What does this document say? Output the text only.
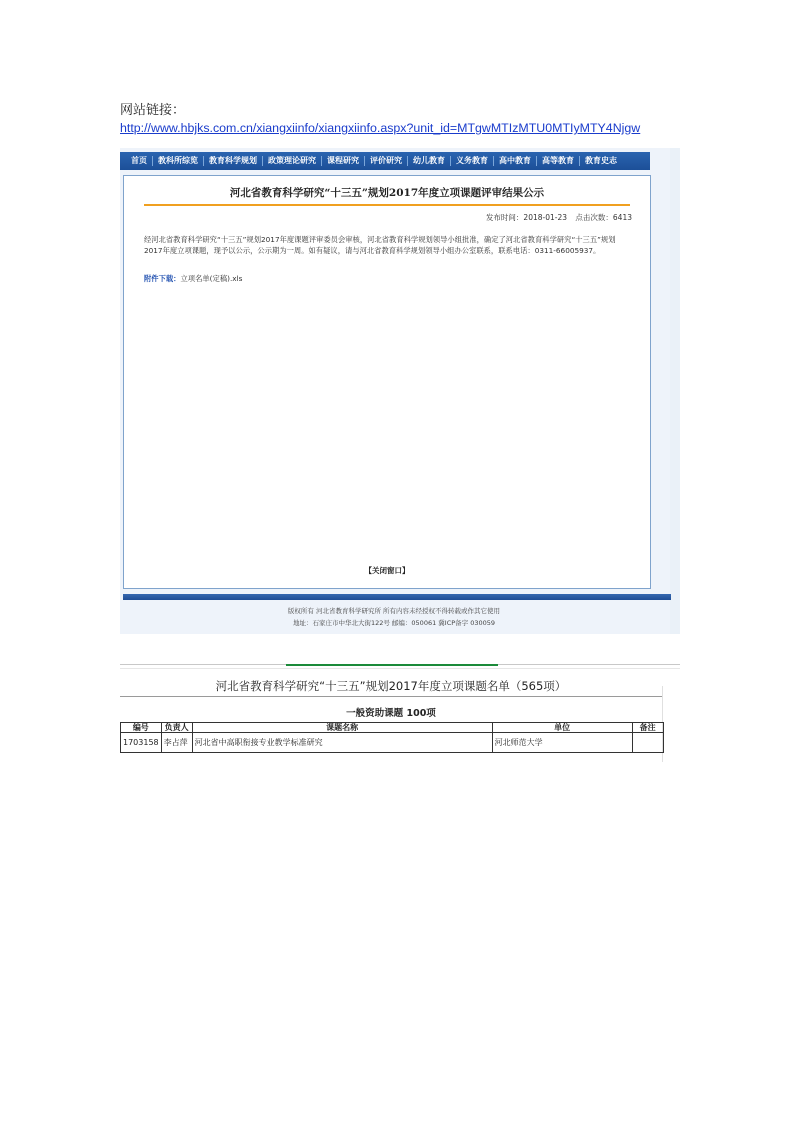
网站链接：
http://www.hbjks.com.cn/xiangxiinfo/xiangxiinfo.aspx?unit_id=MTgwMTIzMTU0MTIyMTY4Njgw
首页	教科所综览	教育科学规划	政策理论研究	课程研究	评价研究	幼儿教育	义务教育	高中教育	高等教育	教育史志
河北省教育科学研究“十三五”规划2017年度立项课题评审结果公示
发布时间：2018-01-23 点击次数：6413
经河北省教育科学研究“十三五”规划2017年度课题评审委员会审核，河北省教育科学规划领导小组批准，确定了河北省教育科学研究“十三五”规划2017年度立项课题，现予以公示，公示期为一周。如有疑议，请与河北省教育科学规划领导小组办公室联系，联系电话：0311-66005937。
附件下载：立项名单(定稿).xls
【关闭窗口】
版权所有 河北省教育科学研究所 所有内容未经授权不得转载或作其它使用
地址：石家庄市中华北大街122号 邮编：050061 冀ICP备字 030059
河北省教育科学研究“十三五”规划2017年度立项课题名单（565项）
一般资助课题 100项
编号	负责人	课题名称	单位	备注
1703158	李占萍	河北省中高职衔接专业教学标准研究	河北师范大学	
